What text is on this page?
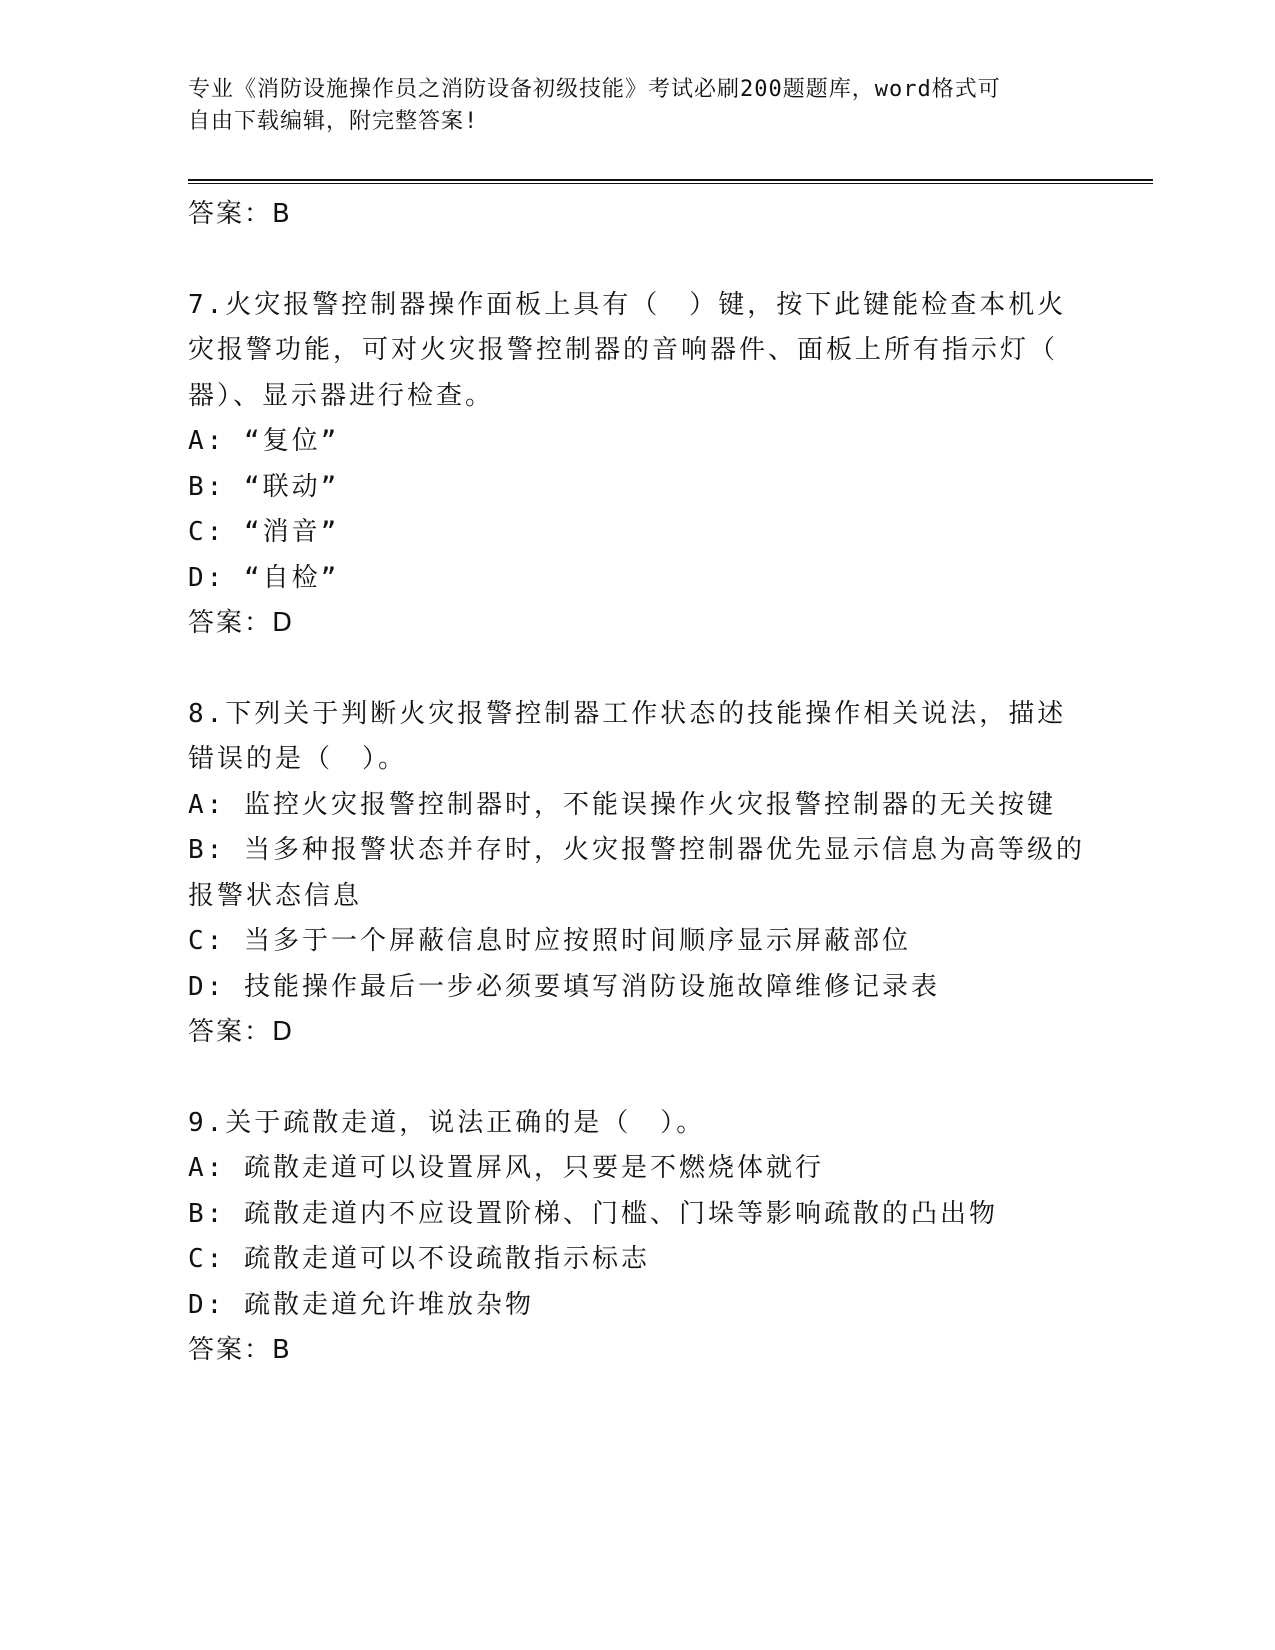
专业《消防设施操作员之消防设备初级技能》考试必刷200题题库，word格式可
自由下载编辑，附完整答案!
答案：B
7.火灾报警控制器操作面板上具有（　）键，按下此键能检查本机火
灾报警功能，可对火灾报警控制器的音响器件、面板上所有指示灯（
器）、显示器进行检查。
A: “复位”
B: “联动”
C: “消音”
D: “自检”
答案：D
8.下列关于判断火灾报警控制器工作状态的技能操作相关说法，描述
错误的是（　）。
A: 监控火灾报警控制器时，不能误操作火灾报警控制器的无关按键
B: 当多种报警状态并存时，火灾报警控制器优先显示信息为高等级的
报警状态信息
C: 当多于一个屏蔽信息时应按照时间顺序显示屏蔽部位
D: 技能操作最后一步必须要填写消防设施故障维修记录表
答案：D
9.关于疏散走道，说法正确的是（　）。
A: 疏散走道可以设置屏风，只要是不燃烧体就行
B: 疏散走道内不应设置阶梯、门槛、门垛等影响疏散的凸出物
C: 疏散走道可以不设疏散指示标志
D: 疏散走道允许堆放杂物
答案：B
